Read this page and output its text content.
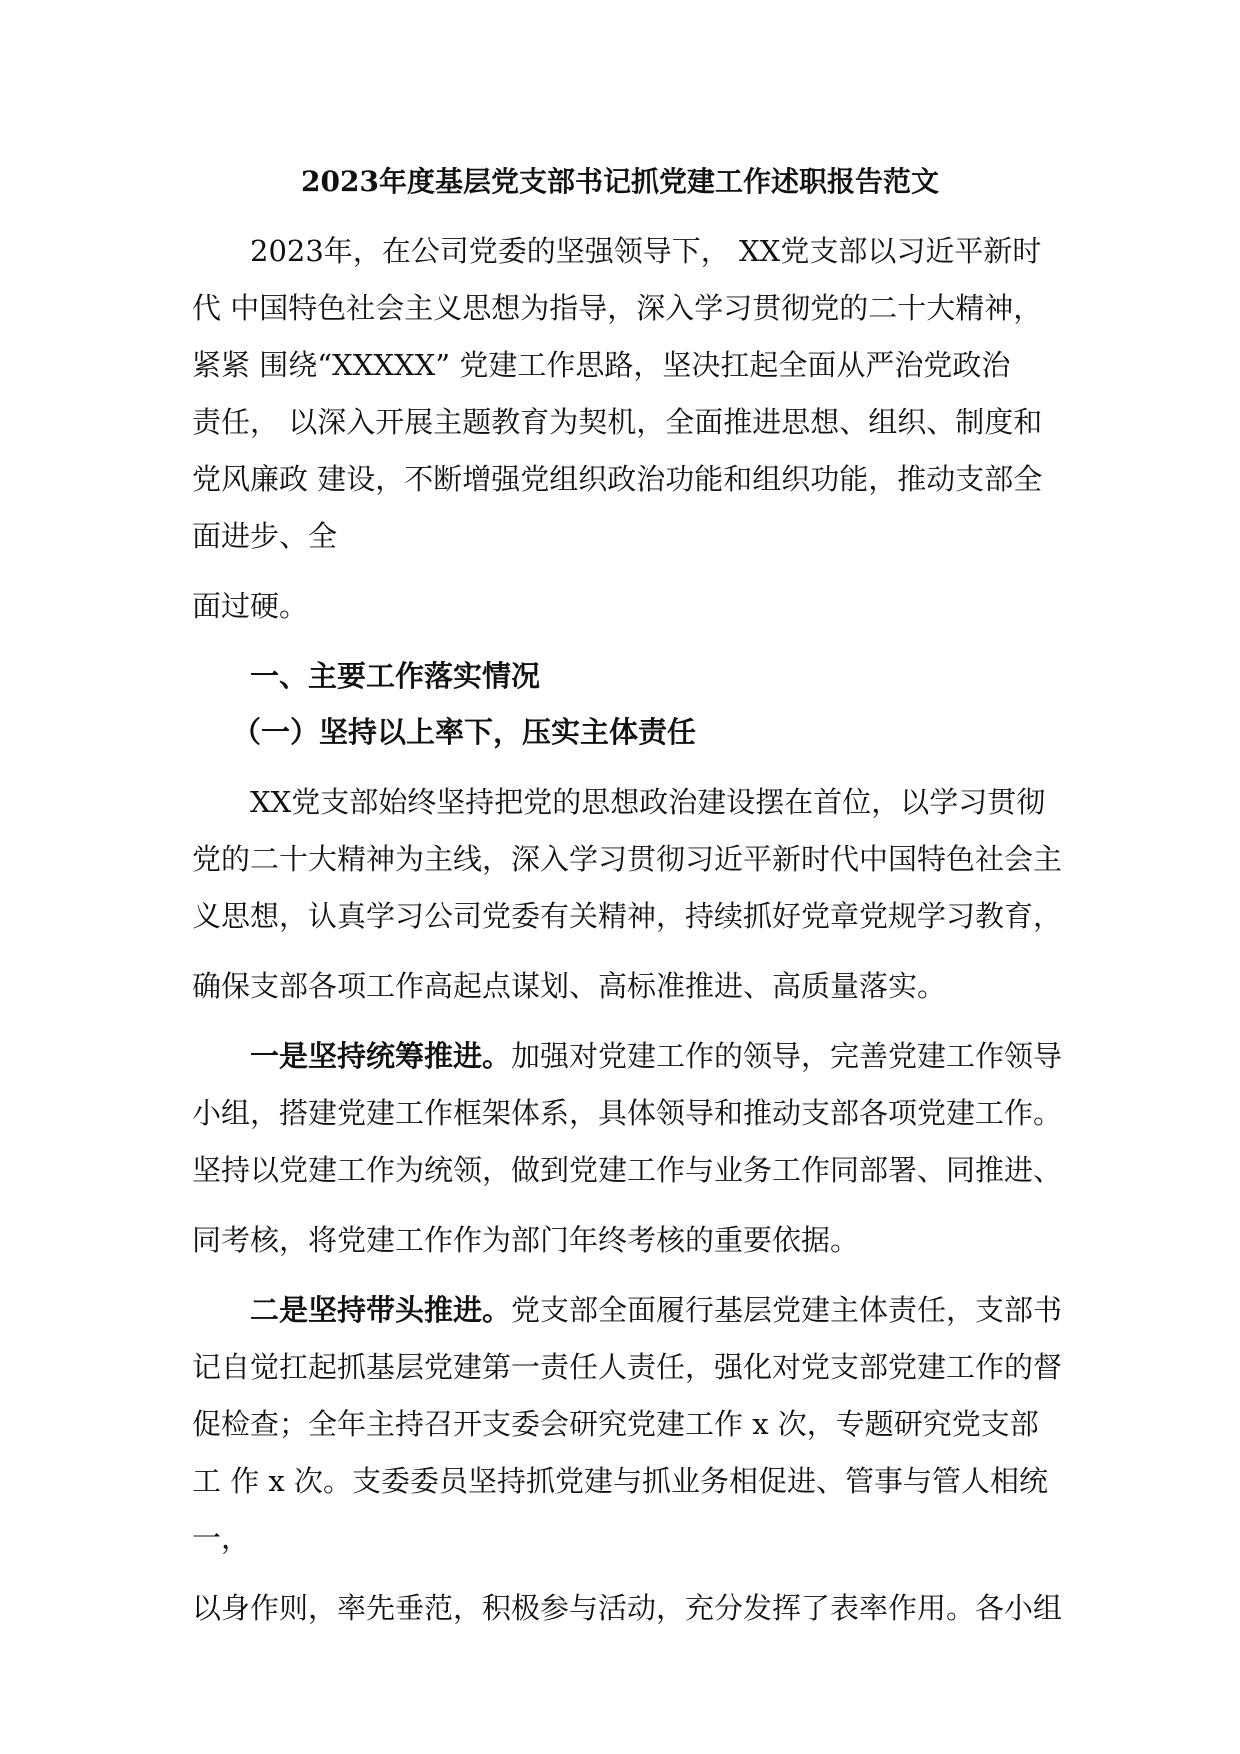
2023年度基层党支部书记抓党建工作述职报告范文
2023年，在公司党委的坚强领导下， XX党支部以习近平新时
代 中国特色社会主义思想为指导，深入学习贯彻党的二十大精神，
紧紧 围绕“XXXXX” 党建工作思路，坚决扛起全面从严治党政治
责任， 以深入开展主题教育为契机，全面推进思想、组织、制度和
党风廉政 建设，不断增强党组织政治功能和组织功能，推动支部全
面进步、全
面过硬。
一、主要工作落实情况
（一）坚持以上率下，压实主体责任
XX党支部始终坚持把党的思想政治建设摆在首位，以学习贯彻
党的二十大精神为主线，深入学习贯彻习近平新时代中国特色社会主
义思想，认真学习公司党委有关精神，持续抓好党章党规学习教育，
确保支部各项工作高起点谋划、高标准推进、高质量落实。
一是坚持统筹推进。加强对党建工作的领导，完善党建工作领导
小组，搭建党建工作框架体系，具体领导和推动支部各项党建工作。
坚持以党建工作为统领，做到党建工作与业务工作同部署、同推进、
同考核，将党建工作作为部门年终考核的重要依据。
二是坚持带头推进。党支部全面履行基层党建主体责任，支部书
记自觉扛起抓基层党建第一责任人责任，强化对党支部党建工作的督
促检查；全年主持召开支委会研究党建工作 x 次，专题研究党支部
工 作 x 次。支委委员坚持抓党建与抓业务相促进、管事与管人相统
一，
以身作则，率先垂范，积极参与活动，充分发挥了表率作用。各小组
